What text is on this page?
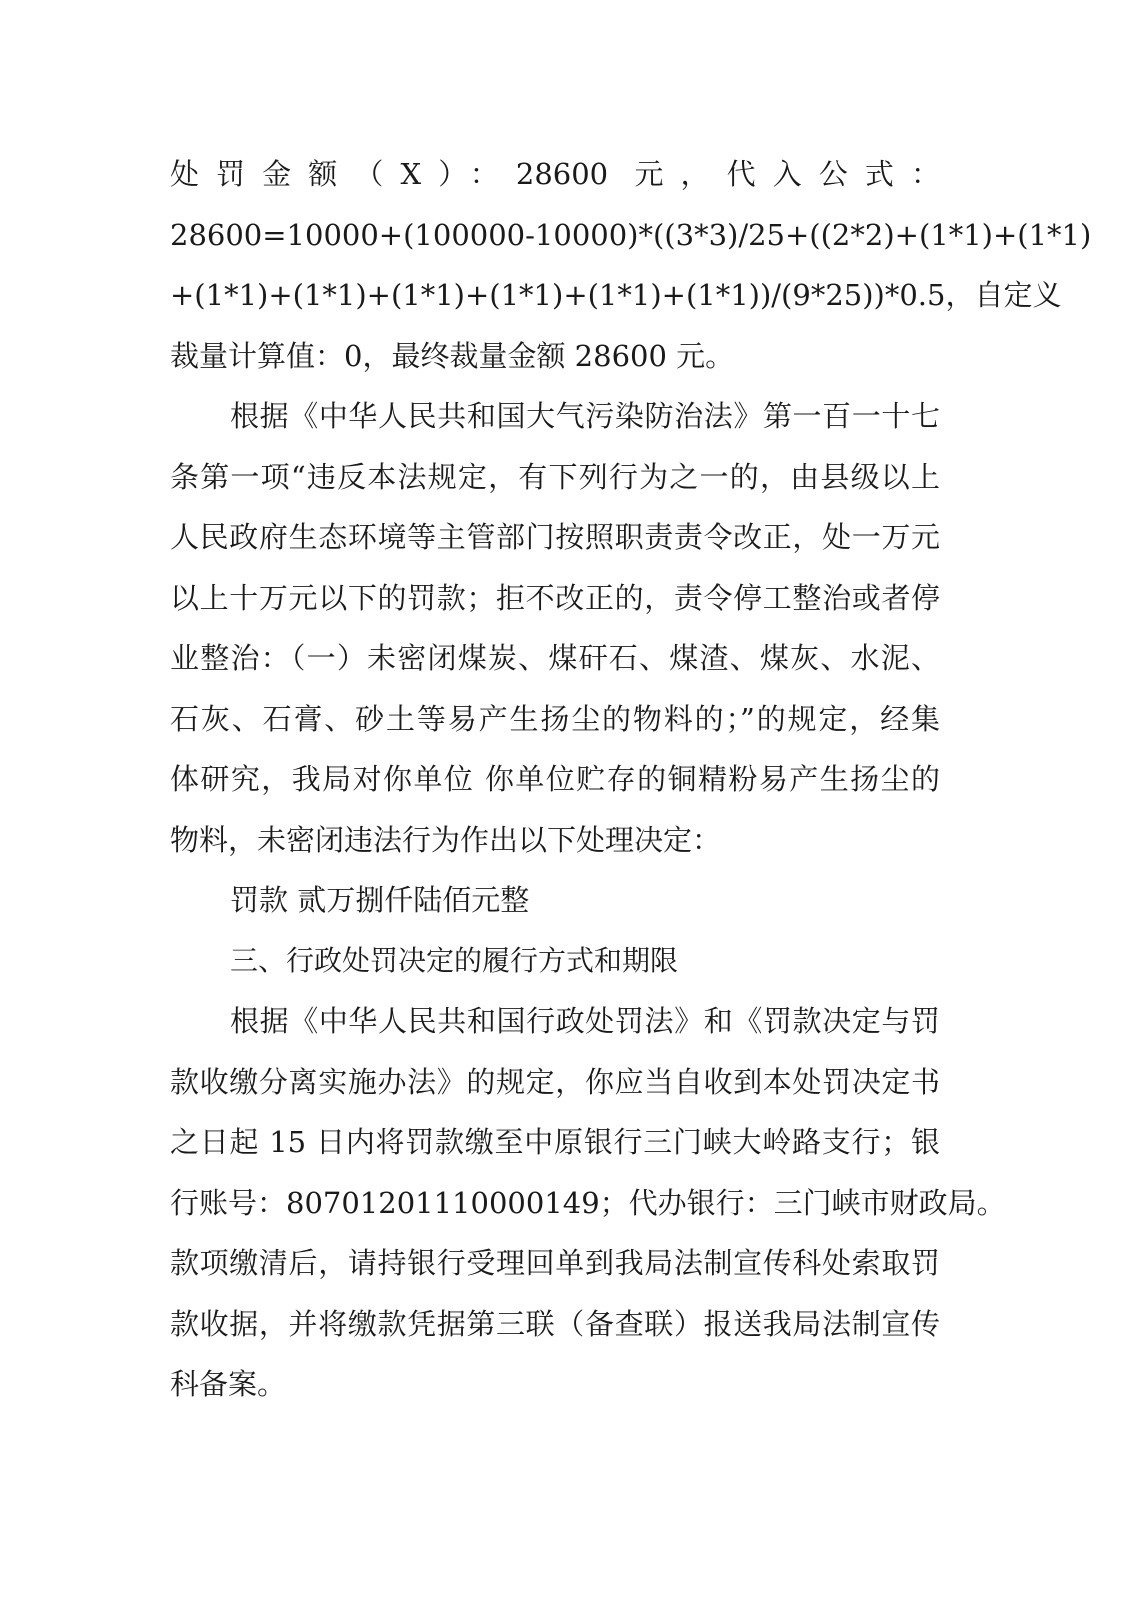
处罚金额（X）：28600 元，代入公式：
28600=10000+(100000-10000)*((3*3)/25+((2*2)+(1*1)+(1*1)
+(1*1)+(1*1)+(1*1)+(1*1)+(1*1)+(1*1))/(9*25))*0.5，自定义
裁量计算值：0，最终裁量金额 28600 元。
根据《中华人民共和国大气污染防治法》第一百一十七
条第一项“违反本法规定，有下列行为之一的，由县级以上
人民政府生态环境等主管部门按照职责责令改正，处一万元
以上十万元以下的罚款；拒不改正的，责令停工整治或者停
业整治：（一）未密闭煤炭、煤矸石、煤渣、煤灰、水泥、
石灰、石膏、砂土等易产生扬尘的物料的；”的规定，经集
体研究，我局对你单位 你单位贮存的铜精粉易产生扬尘的
物料，未密闭违法行为作出以下处理决定：
罚款 贰万捌仟陆佰元整
三、行政处罚决定的履行方式和期限
根据《中华人民共和国行政处罚法》和《罚款决定与罚
款收缴分离实施办法》的规定，你应当自收到本处罚决定书
之日起 15 日内将罚款缴至中原银行三门峡大岭路支行；银
行账号：80701201110000149；代办银行：三门峡市财政局。
款项缴清后，请持银行受理回单到我局法制宣传科处索取罚
款收据，并将缴款凭据第三联（备查联）报送我局法制宣传
科备案。
